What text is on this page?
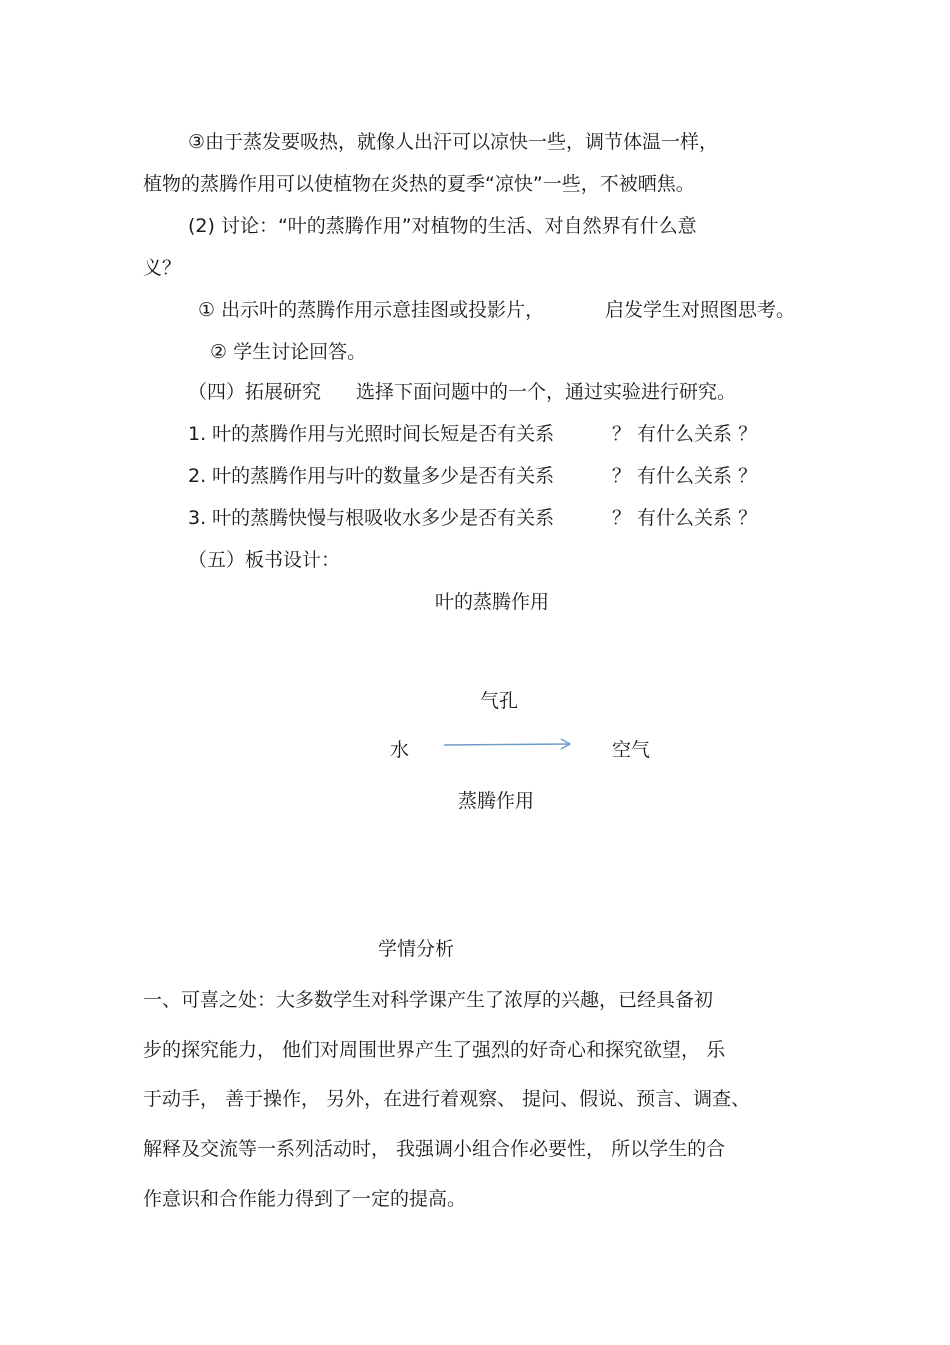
③由于蒸发要吸热，就像人出汗可以凉快一些，调节体温一样，
植物的蒸腾作用可以使植物在炎热的夏季“凉快”一些，不被晒焦。
(2) 讨论：“叶的蒸腾作用”对植物的生活、对自然界有什么意
义？
① 出示叶的蒸腾作用示意挂图或投影片，	启发学生对照图思考。
② 学生讨论回答。
（四）拓展研究 选择下面问题中的一个，通过实验进行研究。
1. 叶的蒸腾作用与光照时间长短是否有关系	？ 有什么关系 ？
2. 叶的蒸腾作用与叶的数量多少是否有关系	？ 有什么关系 ？
3. 叶的蒸腾快慢与根吸收水多少是否有关系	？ 有什么关系 ？
（五）板书设计：
叶的蒸腾作用
气孔
水	空气
蒸腾作用
学情分析
一、可喜之处：大多数学生对科学课产生了浓厚的兴趣，已经具备初
步的探究能力， 他们对周围世界产生了强烈的好奇心和探究欲望， 乐
于动手， 善于操作， 另外，在进行着观察、 提问、假说、预言、调查、
解释及交流等一系列活动时， 我强调小组合作必要性， 所以学生的合
作意识和合作能力得到了一定的提高。
